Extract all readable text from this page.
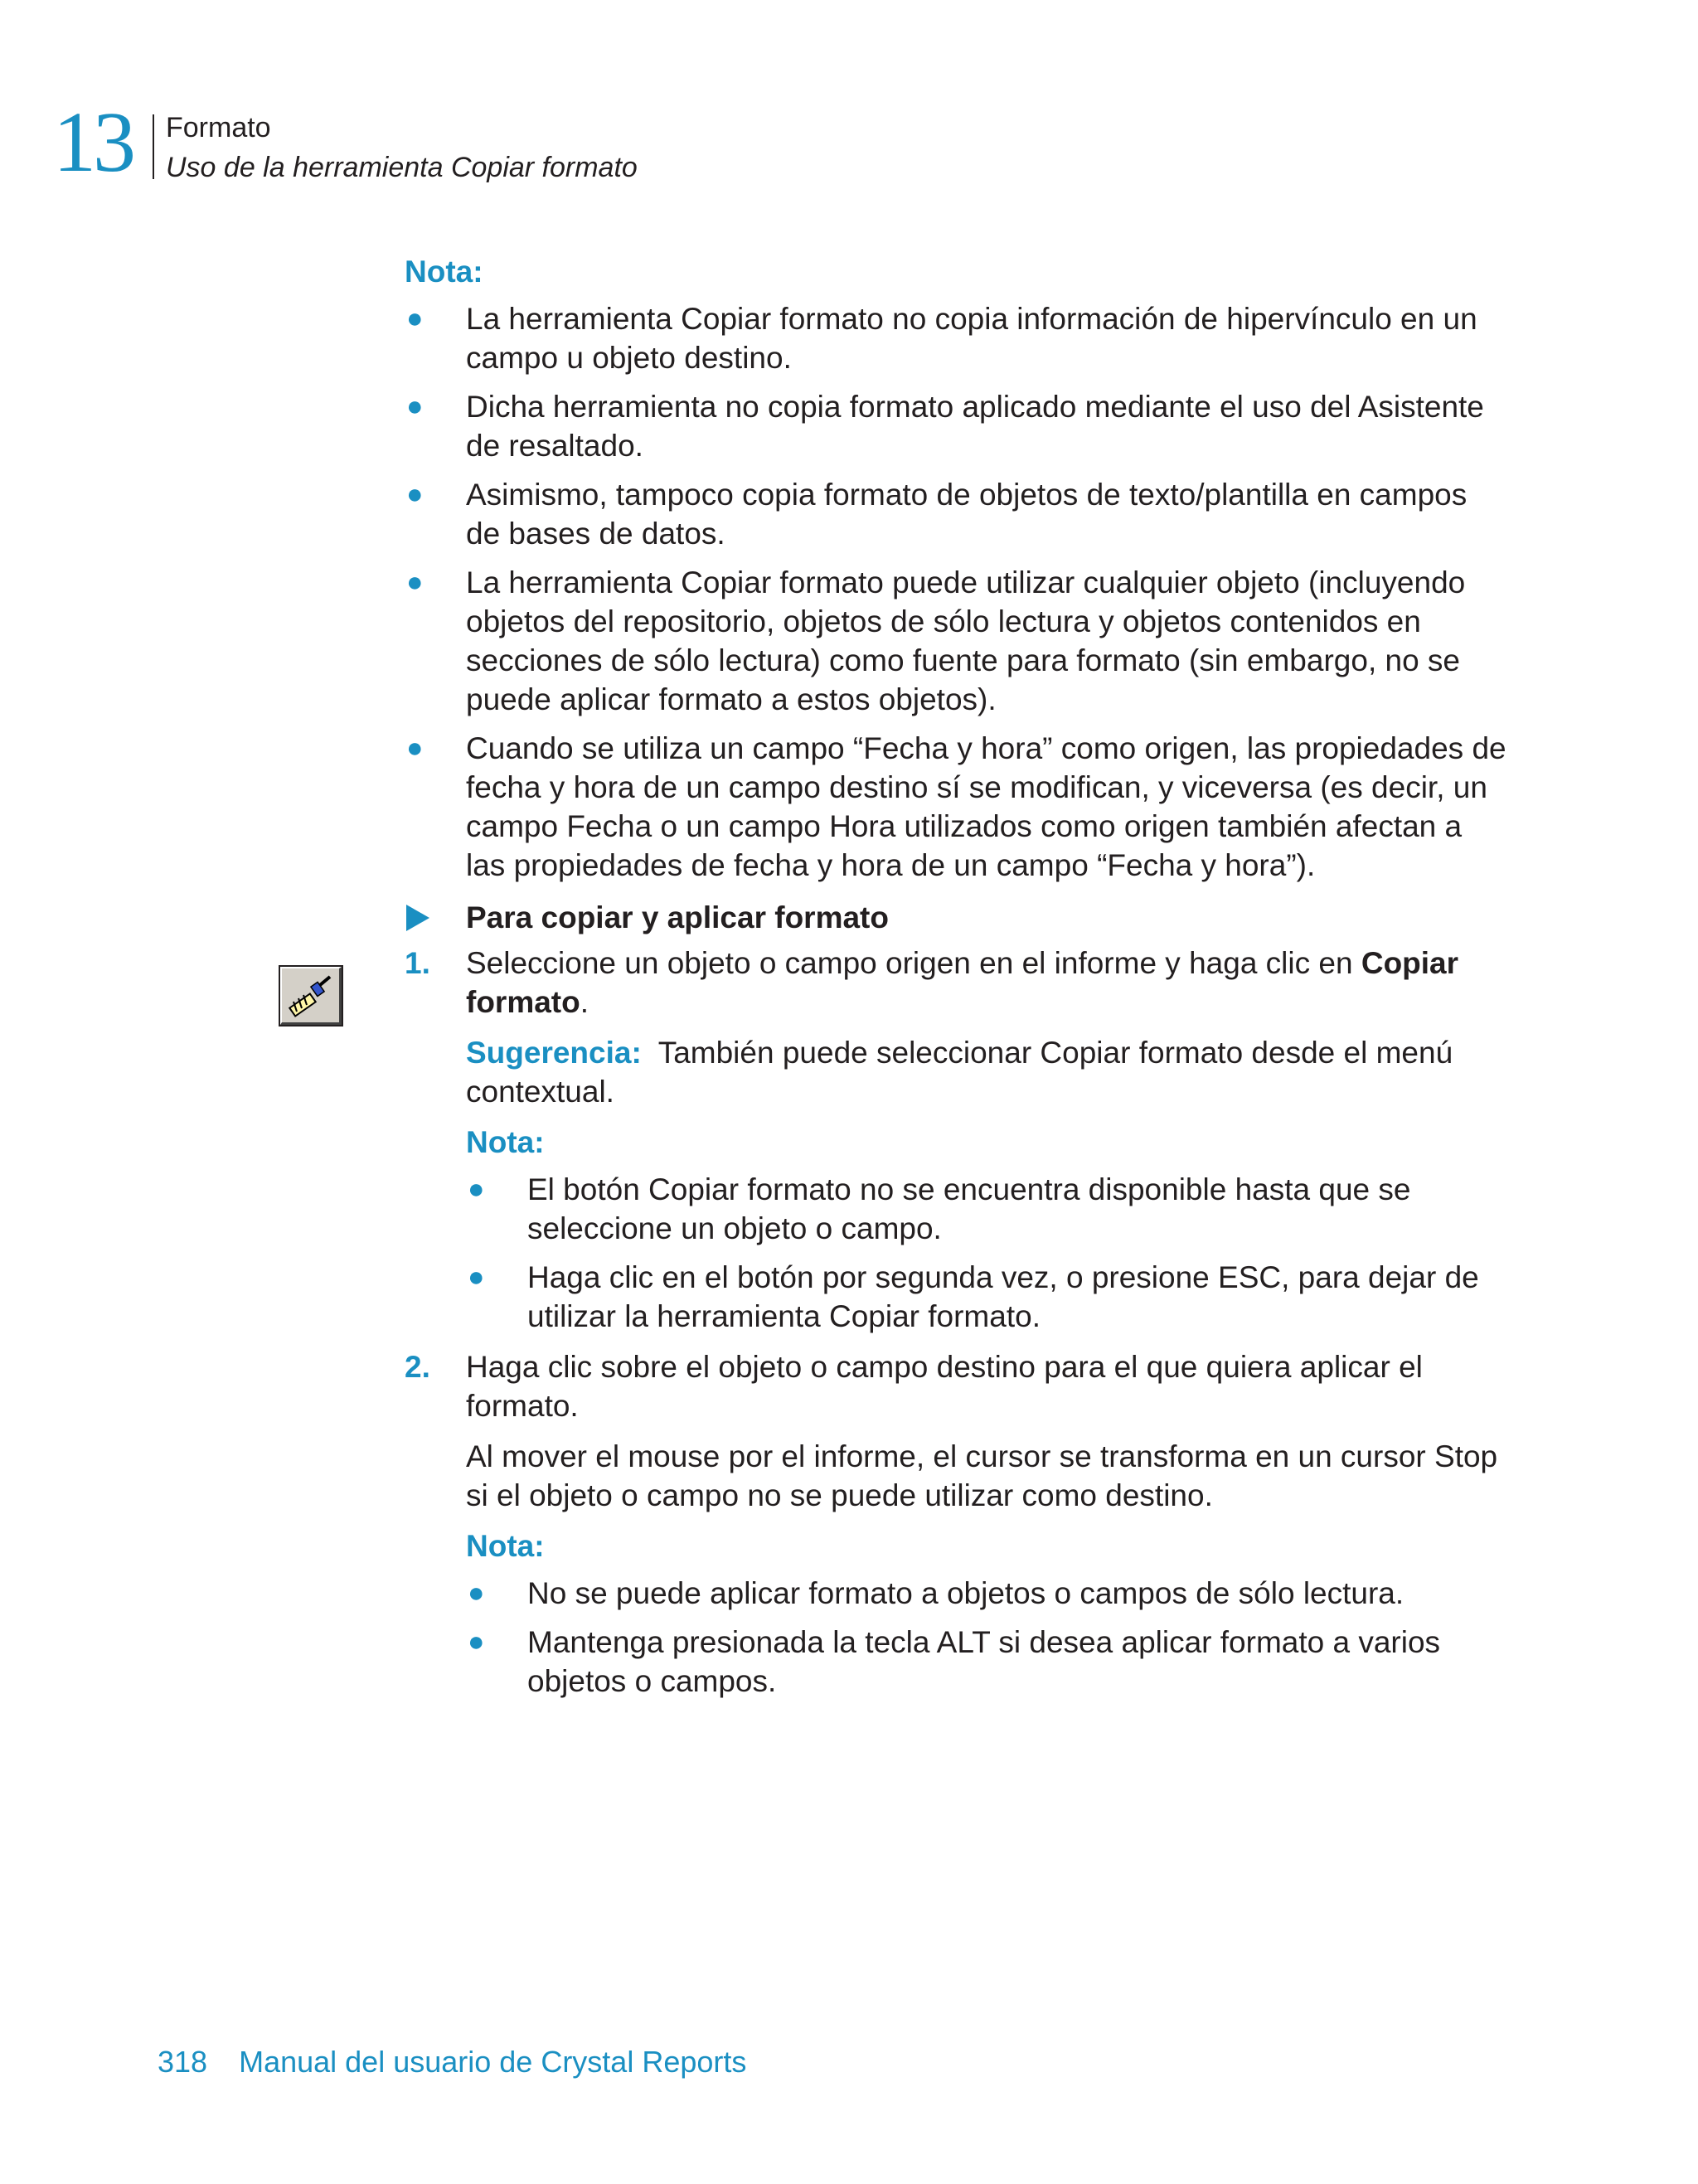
13 Formato
Uso de la herramienta Copiar formato
Nota:
● La herramienta Copiar formato no copia información de hipervínculo en un campo u objeto destino.
● Dicha herramienta no copia formato aplicado mediante el uso del Asistente de resaltado.
● Asimismo, tampoco copia formato de objetos de texto/plantilla en campos de bases de datos.
● La herramienta Copiar formato puede utilizar cualquier objeto (incluyendo objetos del repositorio, objetos de sólo lectura y objetos contenidos en secciones de sólo lectura) como fuente para formato (sin embargo, no se puede aplicar formato a estos objetos).
● Cuando se utiliza un campo “Fecha y hora” como origen, las propiedades de fecha y hora de un campo destino sí se modifican, y viceversa (es decir, un campo Fecha o un campo Hora utilizados como origen también afectan a las propiedades de fecha y hora de un campo “Fecha y hora”).
Para copiar y aplicar formato
1. Seleccione un objeto o campo origen en el informe y haga clic en Copiar formato.
Sugerencia: También puede seleccionar Copiar formato desde el menú contextual.
Nota:
● El botón Copiar formato no se encuentra disponible hasta que se seleccione un objeto o campo.
● Haga clic en el botón por segunda vez, o presione ESC, para dejar de utilizar la herramienta Copiar formato.
2. Haga clic sobre el objeto o campo destino para el que quiera aplicar el formato.
Al mover el mouse por el informe, el cursor se transforma en un cursor Stop si el objeto o campo no se puede utilizar como destino.
Nota:
● No se puede aplicar formato a objetos o campos de sólo lectura.
● Mantenga presionada la tecla ALT si desea aplicar formato a varios objetos o campos.
318 Manual del usuario de Crystal Reports
